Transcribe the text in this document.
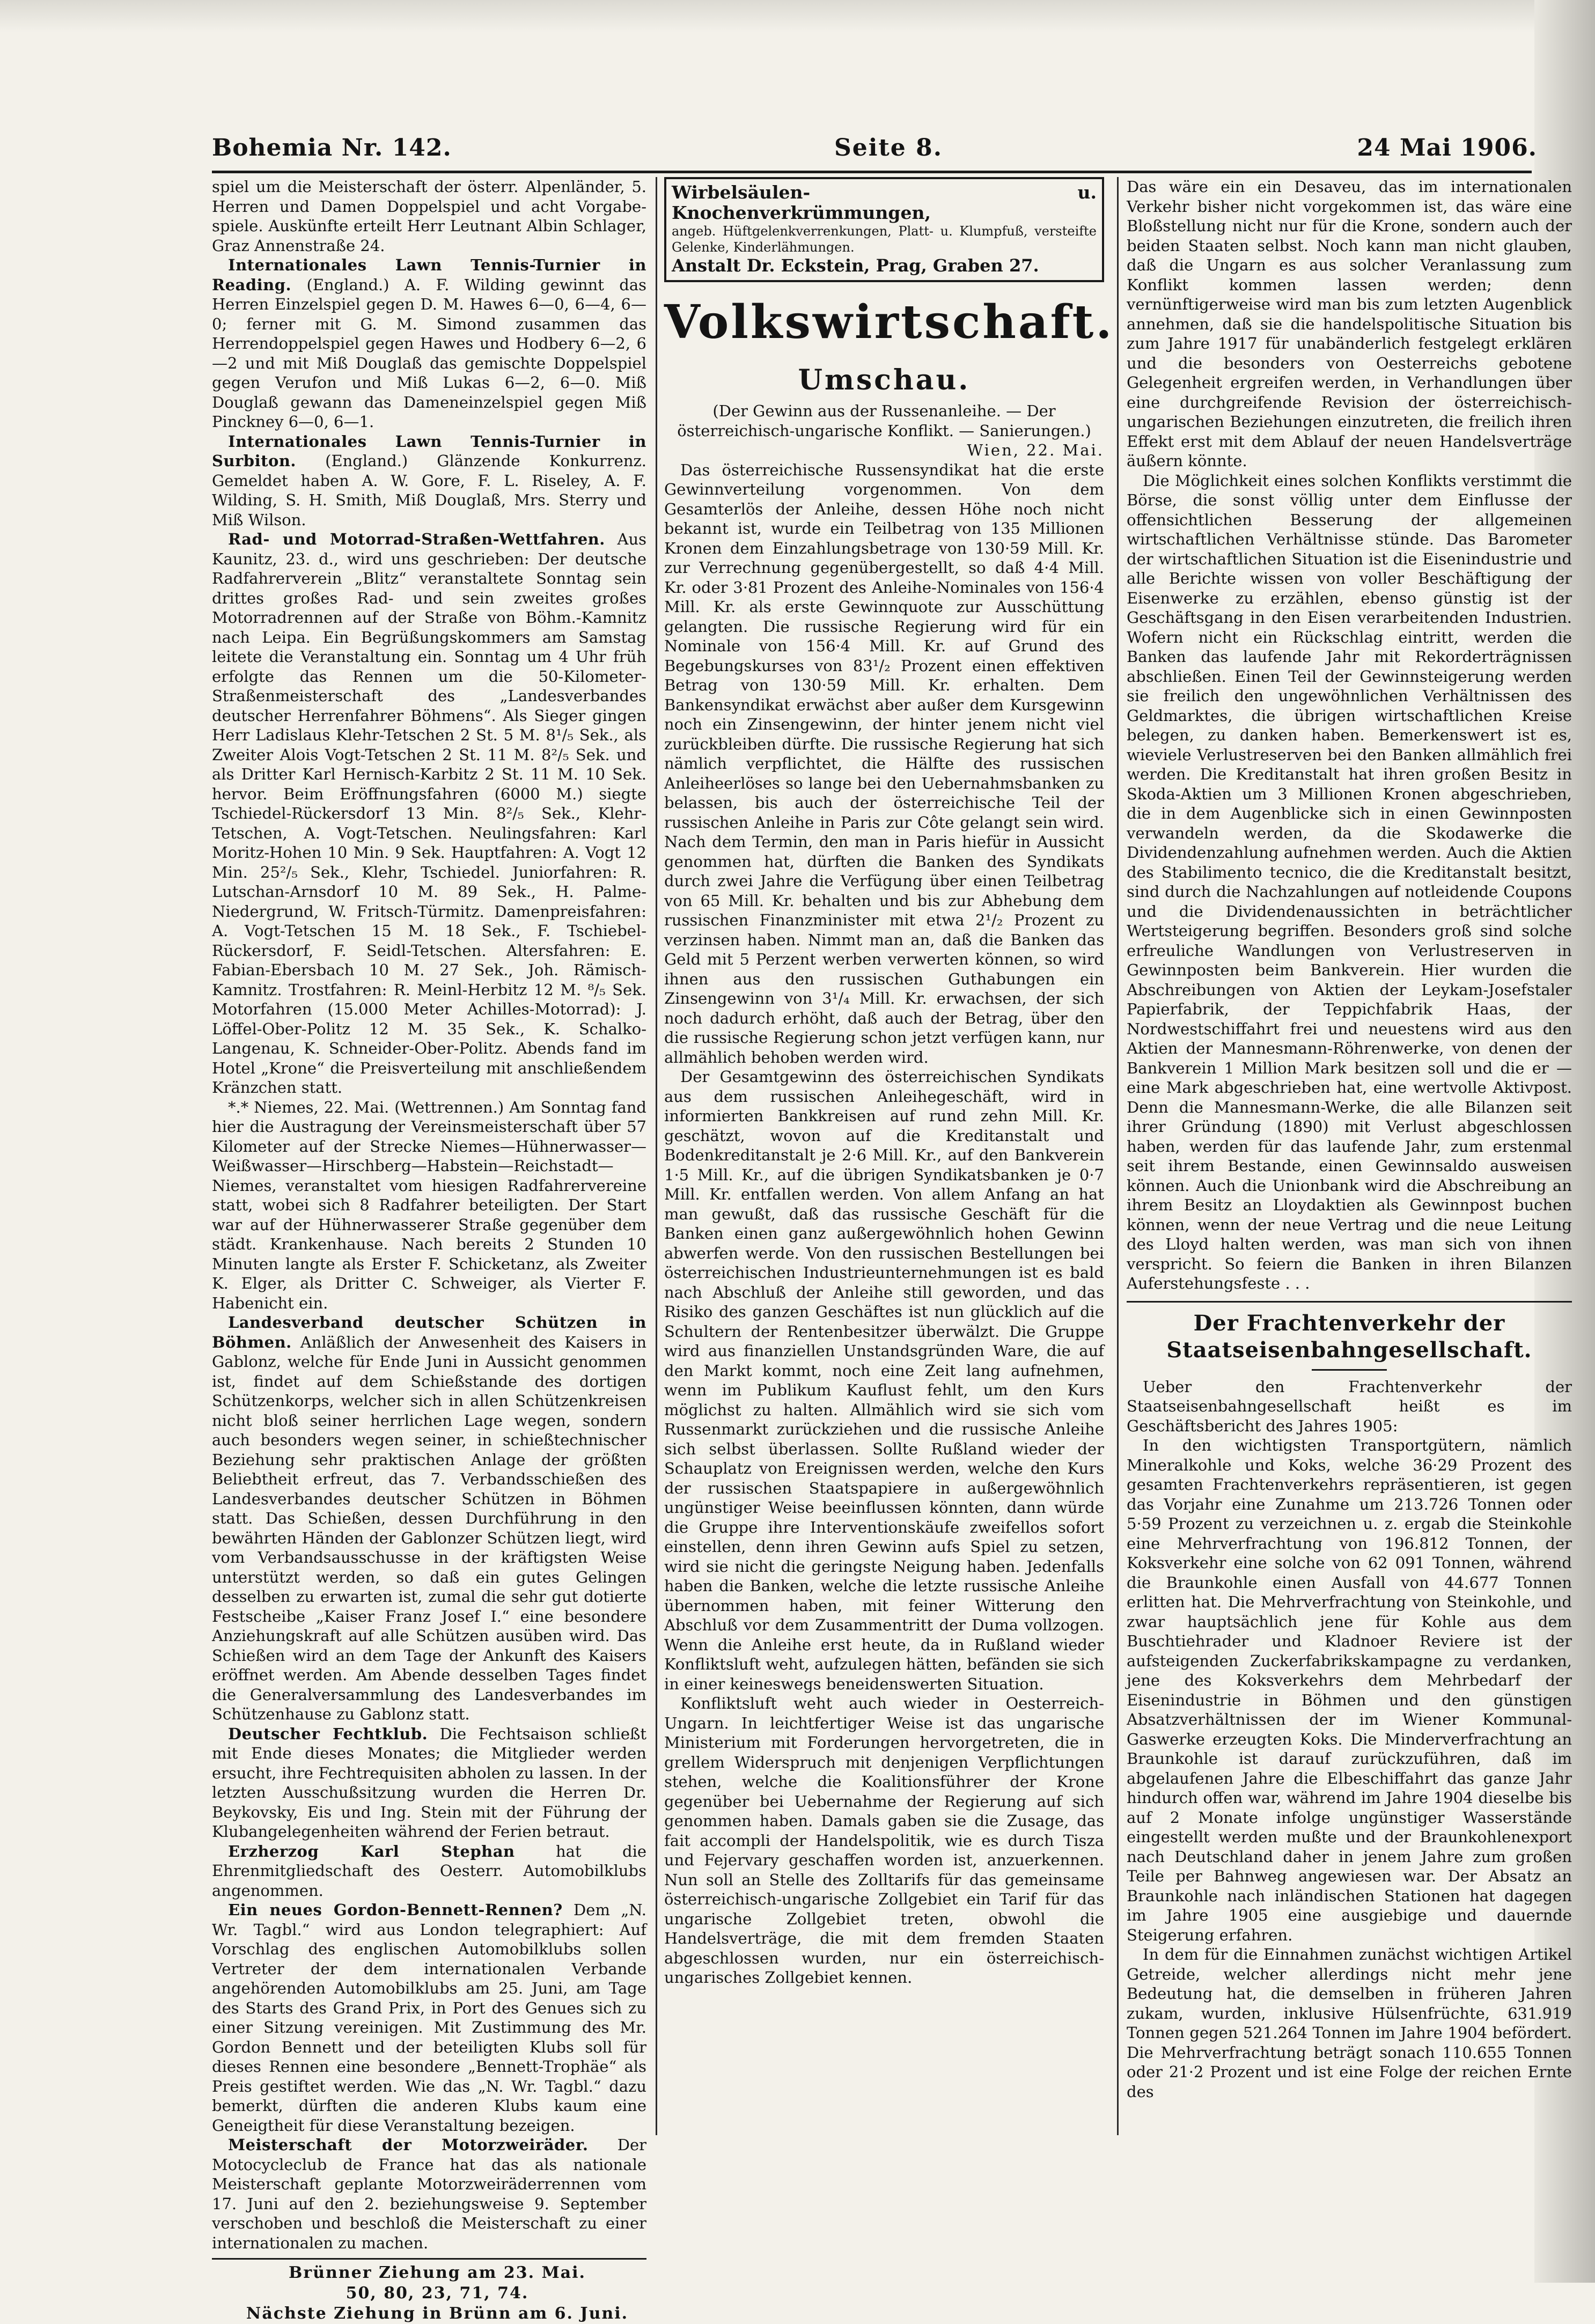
Bohemia Nr. 142.	Seite 8.	24 Mai 1906.

spiel um die Meisterschaft der österr. Alpenländer, 5. Herren und Damen Doppelspiel und acht Vorgabe-spiele. Auskünfte erteilt Herr Leutnant Albin Schlager, Graz Annenstraße 24.

Internationales Lawn Tennis-Turnier in Reading. (England.) A. F. Wilding gewinnt das Herren Einzelspiel gegen D. M. Hawes 6—0, 6—4, 6—0; ferner mit G. M. Simond zusammen das Herrendoppelspiel gegen Hawes und Hodbery 6—2, 6—2 und mit Miß Douglaß das gemischte Doppelspiel gegen Verufon und Miß Lukas 6—2, 6—0. Miß Douglaß gewann das Dameneinzelspiel gegen Miß Pinckney 6—0, 6—1.

Internationales Lawn Tennis-Turnier in Surbiton. (England.) Glänzende Konkurrenz. Gemeldet haben A. W. Gore, F. L. Riseley, A. F. Wilding, S. H. Smith, Miß Douglaß, Mrs. Sterry und Miß Wilson.

Rad- und Motorrad-Straßen-Wettfahren. Aus Kaunitz, 23. d., wird uns geschrieben: Der deutsche Radfahrerverein „Blitz“ veranstaltete Sonntag sein drittes großes Rad- und sein zweites großes Motorradrennen auf der Straße von Böhm.-Kamnitz nach Leipa. Ein Begrüßungskommers am Samstag leitete die Veranstaltung ein. Sonntag um 4 Uhr früh erfolgte das Rennen um die 50-Kilometer-Straßenmeisterschaft des „Landesverbandes deutscher Herrenfahrer Böhmens“. Als Sieger gingen Herr Ladislaus Klehr-Tetschen 2 St. 5 M. 8¹/₅ Sek., als Zweiter Alois Vogt-Tetschen 2 St. 11 M. 8²/₅ Sek. und als Dritter Karl Hernisch-Karbitz 2 St. 11 M. 10 Sek. hervor. Beim Eröffnungsfahren (6000 M.) siegte Tschiedel-Rückersdorf 13 Min. 8²/₅ Sek., Klehr-Tetschen, A. Vogt-Tetschen. Neulingsfahren: Karl Moritz-Hohen 10 Min. 9 Sek. Hauptfahren: A. Vogt 12 Min. 25²/₅ Sek., Klehr, Tschiedel. Juniorfahren: R. Lutschan-Arnsdorf 10 M. 89 Sek., H. Palme-Niedergrund, W. Fritsch-Türmitz. Damenpreisfahren: A. Vogt-Tetschen 15 M. 18 Sek., F. Tschiebel-Rückersdorf, F. Seidl-Tetschen. Altersfahren: E. Fabian-Ebersbach 10 M. 27 Sek., Joh. Rämisch-Kamnitz. Trostfahren: R. Meinl-Herbitz 12 M. ⁸/₅ Sek. Motorfahren (15.000 Meter Achilles-Motorrad): J. Löffel-Ober-Politz 12 M. 35 Sek., K. Schalko-Langenau, K. Schneider-Ober-Politz. Abends fand im Hotel „Krone“ die Preisverteilung mit anschließendem Kränzchen statt.

*.* Niemes, 22. Mai. (Wettrennen.) Am Sonntag fand hier die Austragung der Vereinsmeisterschaft über 57 Kilometer auf der Strecke Niemes—Hühnerwasser—Weißwasser—Hirschberg—Habstein—Reichstadt—Niemes, veranstaltet vom hiesigen Radfahrervereine statt, wobei sich 8 Radfahrer beteiligten. Der Start war auf der Hühnerwasserer Straße gegenüber dem städt. Krankenhause. Nach bereits 2 Stunden 10 Minuten langte als Erster F. Schicketanz, als Zweiter K. Elger, als Dritter C. Schweiger, als Vierter F. Habenicht ein.

Landesverband deutscher Schützen in Böhmen. Anläßlich der Anwesenheit des Kaisers in Gablonz, welche für Ende Juni in Aussicht genommen ist, findet auf dem Schießstande des dortigen Schützenkorps, welcher sich in allen Schützenkreisen nicht bloß seiner herrlichen Lage wegen, sondern auch besonders wegen seiner, in schießtechnischer Beziehung sehr praktischen Anlage der größten Beliebtheit erfreut, das 7. Verbandsschießen des Landesverbandes deutscher Schützen in Böhmen statt. Das Schießen, dessen Durchführung in den bewährten Händen der Gablonzer Schützen liegt, wird vom Verbandsausschusse in der kräftigsten Weise unterstützt werden, so daß ein gutes Gelingen desselben zu erwarten ist, zumal die sehr gut dotierte Festscheibe „Kaiser Franz Josef I.“ eine besondere Anziehungskraft auf alle Schützen ausüben wird. Das Schießen wird an dem Tage der Ankunft des Kaisers eröffnet werden. Am Abende desselben Tages findet die Generalversammlung des Landesverbandes im Schützenhause zu Gablonz statt.

Deutscher Fechtklub. Die Fechtsaison schließt mit Ende dieses Monates; die Mitglieder werden ersucht, ihre Fechtrequisiten abholen zu lassen. In der letzten Ausschußsitzung wurden die Herren Dr. Beykovsky, Eis und Ing. Stein mit der Führung der Klubangelegenheiten während der Ferien betraut.

Erzherzog Karl Stephan	hat die Ehrenmitgliedschaft des Oesterr. Automobilklubs angenommen.

Ein neues Gordon-Bennett-Rennen? Dem „N. Wr. Tagbl.“ wird aus London telegraphiert: Auf Vorschlag des englischen Automobilklubs sollen Vertreter der dem internationalen Verbande angehörenden Automobilklubs am 25. Juni, am Tage des Starts des Grand Prix, in Port des Genues sich zu einer Sitzung vereinigen. Mit Zustimmung des Mr. Gordon Bennett und der beteiligten Klubs soll für dieses Rennen eine besondere „Bennett-Trophäe“ als Preis gestiftet werden. Wie das „N. Wr. Tagbl.“ dazu bemerkt, dürften die anderen Klubs kaum eine Geneigtheit für diese Veranstaltung bezeigen.

Meisterschaft der Motorzweiräder. Der Motocycleclub de France hat das als nationale Meisterschaft geplante Motorzweiräderrennen vom 17. Juni auf den 2. beziehungsweise 9. September verschoben und beschloß die Meisterschaft zu einer internationalen zu machen.

Brünner Ziehung am 23. Mai.

50, 80, 23, 71, 74.

Nächste Ziehung in Brünn am 6. Juni.

Wirbelsäulen- u. Knochenverkrümmungen,
angeb. Hüftgelenkverrenkungen, Platt- u. Klumpfuß, versteifte Gelenke, Kinderlähmungen.
Anstalt Dr. Eckstein, Prag, Graben 27.
Volkswirtschaft.
Umschau.

(Der Gewinn aus der Russenanleihe. — Der österreichisch-ungarische Konflikt. — Sanierungen.)

Wien, 22. Mai.

Das österreichische Russensyndikat hat die erste Gewinnverteilung vorgenommen. Von dem Gesamterlös der Anleihe, dessen Höhe noch nicht bekannt ist, wurde ein Teilbetrag von 135 Millionen Kronen dem Einzahlungsbetrage von 130·59 Mill. Kr. zur Verrechnung gegenübergestellt, so daß 4·4 Mill. Kr. oder 3·81 Prozent des Anleihe-Nominales von 156·4 Mill. Kr. als erste Gewinnquote zur Ausschüttung gelangten. Die russische Regierung wird für ein Nominale von 156·4 Mill. Kr. auf Grund des Begebungskurses von 83¹/₂ Prozent einen effektiven Betrag von 130·59 Mill. Kr. erhalten. Dem Bankensyndikat erwächst aber außer dem Kursgewinn noch ein Zinsengewinn, der hinter jenem nicht viel zurückbleiben dürfte. Die russische Regierung hat sich nämlich verpflichtet, die Hälfte des russischen Anleiheerlöses so lange bei den Uebernahmsbanken zu belassen, bis auch der österreichische Teil der russischen Anleihe in Paris zur Côte gelangt sein wird. Nach dem Termin, den man in Paris hiefür in Aussicht genommen hat, dürften die Banken des Syndikats durch zwei Jahre die Verfügung über einen Teilbetrag von 65 Mill. Kr. behalten und bis zur Abhebung dem russischen Finanzminister mit etwa 2¹/₂ Prozent zu verzinsen haben. Nimmt man an, daß die Banken das Geld mit 5 Perzent werben verwerten können, so wird ihnen aus den russischen Guthabungen ein Zinsengewinn von 3¹/₄ Mill. Kr. erwachsen, der sich noch dadurch erhöht, daß auch der Betrag, über den die russische Regierung schon jetzt verfügen kann, nur allmählich behoben werden wird.

Der Gesamtgewinn des österreichischen Syndikats aus dem russischen Anleihegeschäft, wird in informierten Bankkreisen auf rund zehn Mill. Kr. geschätzt, wovon auf die Kreditanstalt und Bodenkreditanstalt je 2·6 Mill. Kr., auf den Bankverein 1·5 Mill. Kr., auf die übrigen Syndikatsbanken je 0·7 Mill. Kr. entfallen werden. Von allem Anfang an hat man gewußt, daß das russische Geschäft für die Banken einen ganz außergewöhnlich hohen Gewinn abwerfen werde. Von den russischen Bestellungen bei österreichischen Industrieunternehmungen ist es bald nach Abschluß der Anleihe still geworden, und das Risiko des ganzen Geschäftes ist nun glücklich auf die Schultern der Rentenbesitzer überwälzt. Die Gruppe wird aus finanziellen Unstandsgründen Ware, die auf den Markt kommt, noch eine Zeit lang aufnehmen, wenn im Publikum Kauflust fehlt, um den Kurs möglichst zu halten. Allmählich wird sie sich vom Russenmarkt zurückziehen und die russische Anleihe sich selbst überlassen. Sollte Rußland wieder der Schauplatz von Ereignissen werden, welche den Kurs der russischen Staatspapiere in außergewöhnlich ungünstiger Weise beeinflussen könnten, dann würde die Gruppe ihre Interventionskäufe zweifellos sofort einstellen, denn ihren Gewinn aufs Spiel zu setzen, wird sie nicht die geringste Neigung haben. Jedenfalls haben die Banken, welche die letzte russische Anleihe übernommen haben, mit feiner Witterung den Abschluß vor dem Zusammentritt der Duma vollzogen. Wenn die Anleihe erst heute, da in Rußland wieder Konfliktsluft weht, aufzulegen hätten, befänden sie sich in einer keineswegs beneidenswerten Situation.

Konfliktsluft weht auch wieder in Oesterreich-Ungarn. In leichtfertiger Weise ist das ungarische Ministerium mit Forderungen hervorgetreten, die in grellem Widerspruch mit denjenigen Verpflichtungen stehen, welche die Koalitionsführer der Krone gegenüber bei Uebernahme der Regierung auf sich genommen haben. Damals gaben sie die Zusage, das fait accompli der Handelspolitik, wie es durch Tisza und Fejervary geschaffen worden ist, anzuerkennen. Nun soll an Stelle des Zolltarifs für das gemeinsame österreichisch-ungarische Zollgebiet ein Tarif für das ungarische Zollgebiet treten, obwohl die Handelsverträge, die mit dem fremden Staaten abgeschlossen wurden, nur ein österreichisch-ungarisches Zollgebiet kennen.

Das wäre ein ein Desaveu, das im internationalen Verkehr bisher nicht vorgekommen ist, das wäre eine Bloßstellung nicht nur für die Krone, sondern auch der beiden Staaten selbst. Noch kann man nicht glauben, daß die Ungarn es aus solcher Veranlassung zum Konflikt kommen lassen werden; denn vernünftigerweise wird man bis zum letzten Augenblick annehmen, daß sie die handelspolitische Situation bis zum Jahre 1917 für unabänderlich festgelegt erklären und die besonders von Oesterreichs gebotene Gelegenheit ergreifen werden, in Verhandlungen über eine durchgreifende Revision der österreichisch-ungarischen Beziehungen einzutreten, die freilich ihren Effekt erst mit dem Ablauf der neuen Handelsverträge äußern könnte.

Die Möglichkeit eines solchen Konflikts verstimmt die Börse, die sonst völlig unter dem Einflusse der offensichtlichen Besserung der allgemeinen wirtschaftlichen Verhältnisse stünde. Das Barometer der wirtschaftlichen Situation ist die Eisenindustrie und alle Berichte wissen von voller Beschäftigung der Eisenwerke zu erzählen, ebenso günstig ist der Geschäftsgang in den Eisen verarbeitenden Industrien. Wofern nicht ein Rückschlag eintritt, werden die Banken das laufende Jahr mit Rekorderträgnissen abschließen. Einen Teil der Gewinnsteigerung werden sie freilich den ungewöhnlichen Verhältnissen des Geldmarktes, die übrigen wirtschaftlichen Kreise belegen, zu danken haben. Bemerkenswert ist es, wieviele Verlustreserven bei den Banken allmählich frei werden. Die Kreditanstalt hat ihren großen Besitz in Skoda-Aktien um 3 Millionen Kronen abgeschrieben, die in dem Augenblicke sich in einen Gewinnposten verwandeln werden, da die Skodawerke die Dividendenzahlung aufnehmen werden. Auch die Aktien des Stabilimento tecnico, die die Kreditanstalt besitzt, sind durch die Nachzahlungen auf notleidende Coupons und die Dividendenaussichten in beträchtlicher Wertsteigerung begriffen. Besonders groß sind solche erfreuliche Wandlungen von Verlustreserven in Gewinnposten beim Bankverein. Hier wurden die Abschreibungen von Aktien der Leykam-Josefstaler Papierfabrik, der Teppichfabrik Haas, der Nordwestschiffahrt frei und neuestens wird aus den Aktien der Mannesmann-Röhrenwerke, von denen der Bankverein 1 Million Mark besitzen soll und die er — eine Mark abgeschrieben hat, eine wertvolle Aktivpost. Denn die Mannesmann-Werke, die alle Bilanzen seit ihrer Gründung (1890) mit Verlust abgeschlossen haben, werden für das laufende Jahr, zum erstenmal seit ihrem Bestande, einen Gewinnsaldo ausweisen können. Auch die Unionbank wird die Abschreibung an ihrem Besitz an Lloydaktien als Gewinnpost buchen können, wenn der neue Vertrag und die neue Leitung des Lloyd halten werden, was man sich von ihnen verspricht. So feiern die Banken in ihren Bilanzen Auferstehungsfeste . . .

Der Frachtenverkehr der Staatseisenbahngesellschaft.

Ueber den Frachtenverkehr der Staatseisenbahngesellschaft heißt es im Geschäftsbericht des Jahres 1905:

In den wichtigsten Transportgütern, nämlich Mineralkohle und Koks, welche 36·29 Prozent des gesamten Frachtenverkehrs repräsentieren, ist gegen das Vorjahr eine Zunahme um 213.726 Tonnen oder 5·59 Prozent zu verzeichnen u. z. ergab die Steinkohle eine Mehrverfrachtung von 196.812 Tonnen, der Koksverkehr eine solche von 62 091 Tonnen, während die Braunkohle einen Ausfall von 44.677 Tonnen erlitten hat. Die Mehrverfrachtung von Steinkohle, und zwar hauptsächlich jene für Kohle aus dem Buschtiehrader und Kladnoer Reviere ist der aufsteigenden Zuckerfabrikskampagne zu verdanken, jene des Koksverkehrs dem Mehrbedarf der Eisenindustrie in Böhmen und den günstigen Absatzverhältnissen der im Wiener Kommunal-Gaswerke erzeugten Koks. Die Minderverfrachtung an Braunkohle ist darauf zurückzuführen, daß im abgelaufenen Jahre die Elbeschiffahrt das ganze Jahr hindurch offen war, während im Jahre 1904 dieselbe bis auf 2 Monate infolge ungünstiger Wasserstände eingestellt werden mußte und der Braunkohlenexport nach Deutschland daher in jenem Jahre zum großen Teile per Bahnweg angewiesen war. Der Absatz an Braunkohle nach inländischen Stationen hat dagegen im Jahre 1905 eine ausgiebige und dauernde Steigerung erfahren.

In dem für die Einnahmen zunächst wichtigen Artikel Getreide, welcher allerdings nicht mehr jene Bedeutung hat, die demselben in früheren Jahren zukam, wurden, inklusive Hülsenfrüchte, 631.919 Tonnen gegen 521.264 Tonnen im Jahre 1904 befördert. Die Mehrverfrachtung beträgt sonach 110.655 Tonnen oder 21·2 Prozent und ist eine Folge der reichen Ernte des
